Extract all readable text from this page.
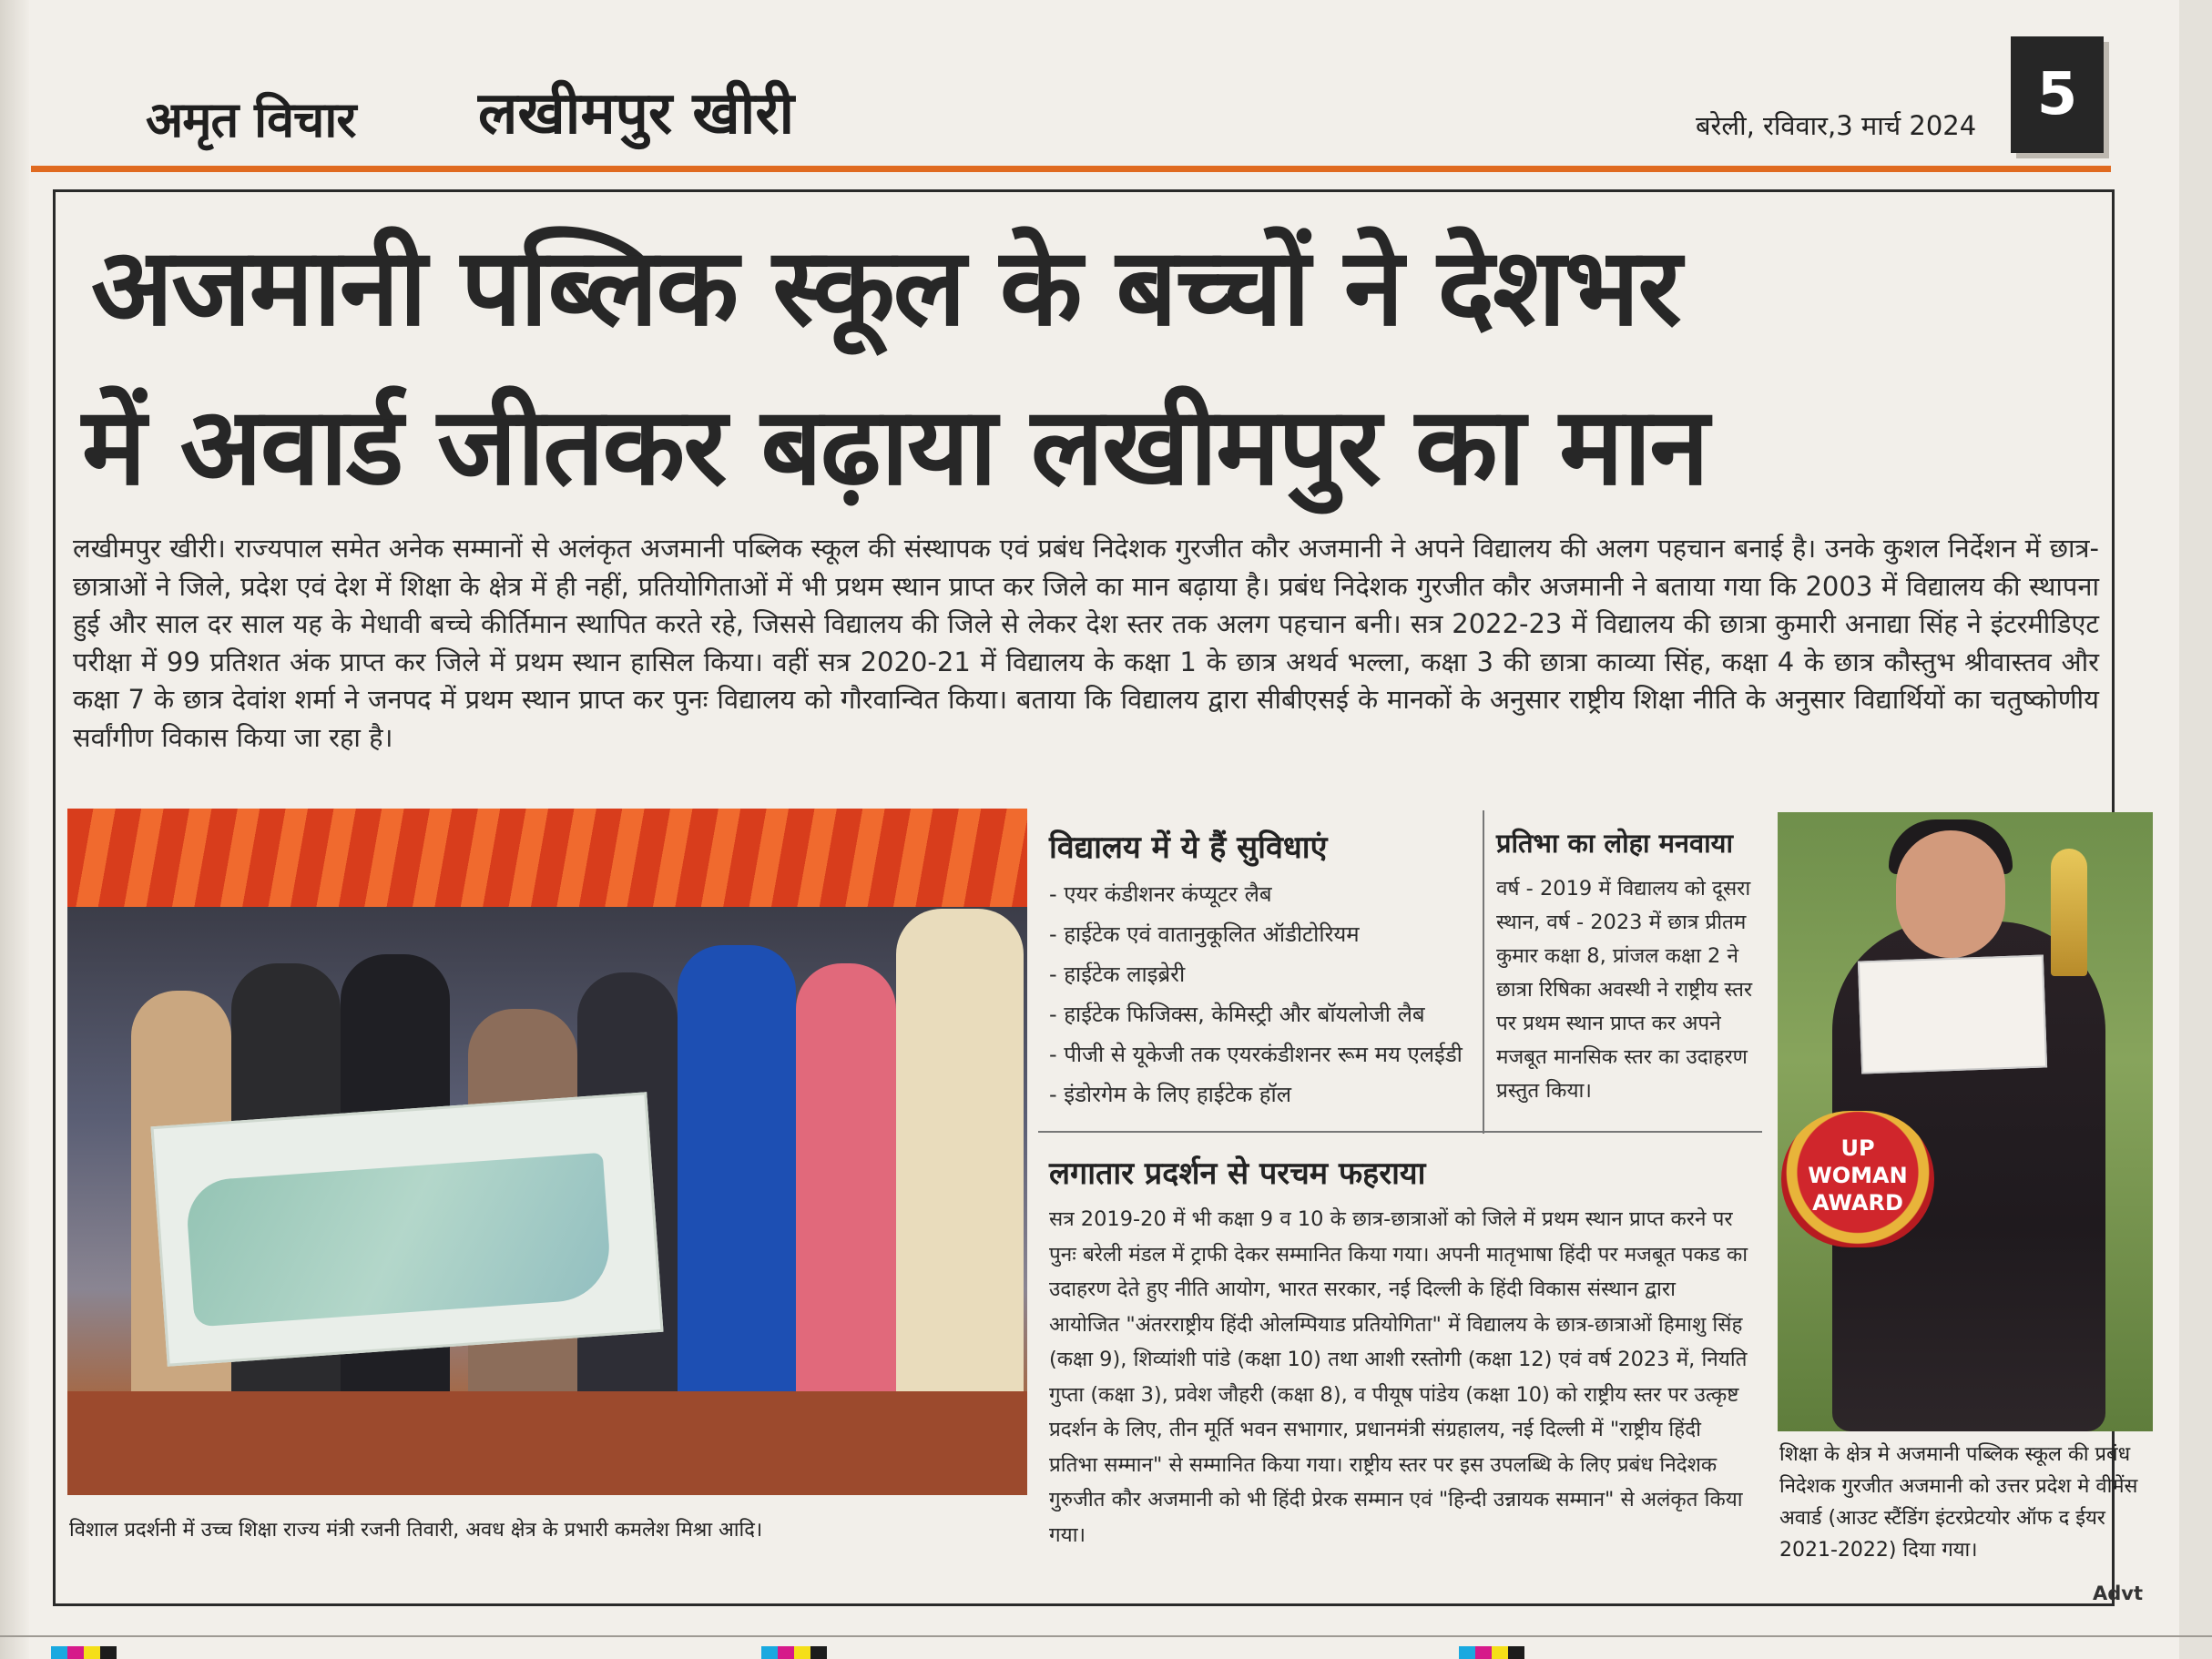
अमृत विचार लखीमपुर खीरी	बरेली, रविवार,3 मार्च 2024	5
अजमानी पब्लिक स्कूल के बच्चों ने देशभर
में अवार्ड जीतकर बढ़ाया लखीमपुर का मान
लखीमपुर खीरी। राज्यपाल समेत अनेक सम्मानों से अलंकृत अजमानी पब्लिक स्कूल की संस्थापक एवं प्रबंध निदेशक गुरजीत कौर अजमानी ने अपने विद्यालय की अलग पहचान बनाई है। उनके कुशल निर्देशन में छात्र-छात्राओं ने जिले, प्रदेश एवं देश में शिक्षा के क्षेत्र में ही नहीं, प्रतियोगिताओं में भी प्रथम स्थान प्राप्त कर जिले का मान बढ़ाया है। प्रबंध निदेशक गुरजीत कौर अजमानी ने बताया गया कि 2003 में विद्यालय की स्थापना हुई और साल दर साल यह के मेधावी बच्चे कीर्तिमान स्थापित करते रहे, जिससे विद्यालय की जिले से लेकर देश स्तर तक अलग पहचान बनी। सत्र 2022-23 में विद्यालय की छात्रा कुमारी अनाद्या सिंह ने इंटरमीडिएट परीक्षा में 99 प्रतिशत अंक प्राप्त कर जिले में प्रथम स्थान हासिल किया। वहीं सत्र 2020-21 में विद्यालय के कक्षा 1 के छात्र अथर्व भल्ला, कक्षा 3 की छात्रा काव्या सिंह, कक्षा 4 के छात्र कौस्तुभ श्रीवास्तव और कक्षा 7 के छात्र देवांश शर्मा ने जनपद में प्रथम स्थान प्राप्त कर पुनः विद्यालय को गौरवान्वित किया। बताया कि विद्यालय द्वारा सीबीएसई के मानकों के अनुसार राष्ट्रीय शिक्षा नीति के अनुसार विद्यार्थियों का चतुष्कोणीय सर्वांगीण विकास किया जा रहा है।
विशाल प्रदर्शनी में उच्च शिक्षा राज्य मंत्री रजनी तिवारी, अवध क्षेत्र के प्रभारी कमलेश मिश्रा आदि।
विद्यालय में ये हैं सुविधाएं
- एयर कंडीशनर कंप्यूटर लैब
- हाईटेक एवं वातानुकूलित ऑडीटोरियम
- हाईटेक लाइब्रेरी
- हाईटेक फिजिक्स, केमिस्ट्री और बॉयलोजी लैब
- पीजी से यूकेजी तक एयरकंडीशनर रूम मय एलईडी
- इंडोरगेम के लिए हाईटेक हॉल
प्रतिभा का लोहा मनवाया
वर्ष - 2019 में विद्यालय को दूसरा स्थान, वर्ष - 2023 में छात्र प्रीतम कुमार कक्षा 8, प्रांजल कक्षा 2 ने छात्रा रिषिका अवस्थी ने राष्ट्रीय स्तर पर प्रथम स्थान प्राप्त कर अपने मजबूत मानसिक स्तर का उदाहरण प्रस्तुत किया।
लगातार प्रदर्शन से परचम फहराया
सत्र 2019-20 में भी कक्षा 9 व 10 के छात्र-छात्राओं को जिले में प्रथम स्थान प्राप्त करने पर पुनः बरेली मंडल में ट्राफी देकर सम्मानित किया गया। अपनी मातृभाषा हिंदी पर मजबूत पकड का उदाहरण देते हुए नीति आयोग, भारत सरकार, नई दिल्ली के हिंदी विकास संस्थान द्वारा आयोजित "अंतरराष्ट्रीय हिंदी ओलम्पियाड प्रतियोगिता" में विद्यालय के छात्र-छात्राओं हिमाशु सिंह (कक्षा 9), शिव्यांशी पांडे (कक्षा 10) तथा आशी रस्तोगी (कक्षा 12) एवं वर्ष 2023 में, नियति गुप्ता (कक्षा 3), प्रवेश जौहरी (कक्षा 8), व पीयूष पांडेय (कक्षा 10) को राष्ट्रीय स्तर पर उत्कृष्ट प्रदर्शन के लिए, तीन मूर्ति भवन सभागार, प्रधानमंत्री संग्रहालय, नई दिल्ली में "राष्ट्रीय हिंदी प्रतिभा सम्मान" से सम्मानित किया गया। राष्ट्रीय स्तर पर इस उपलब्धि के लिए प्रबंध निदेशक गुरुजीत कौर अजमानी को भी हिंदी प्रेरक सम्मान एवं "हिन्दी उन्नायक सम्मान" से अलंकृत किया गया।
UP
WOMAN
AWARD
शिक्षा के क्षेत्र मे अजमानी पब्लिक स्कूल की प्रबंध निदेशक गुरजीत अजमानी को उत्तर प्रदेश मे वीमेंस अवार्ड (आउट स्टैंडिंग इंटरप्रेटयोर ऑफ द ईयर 2021-2022) दिया गया।
Advt
